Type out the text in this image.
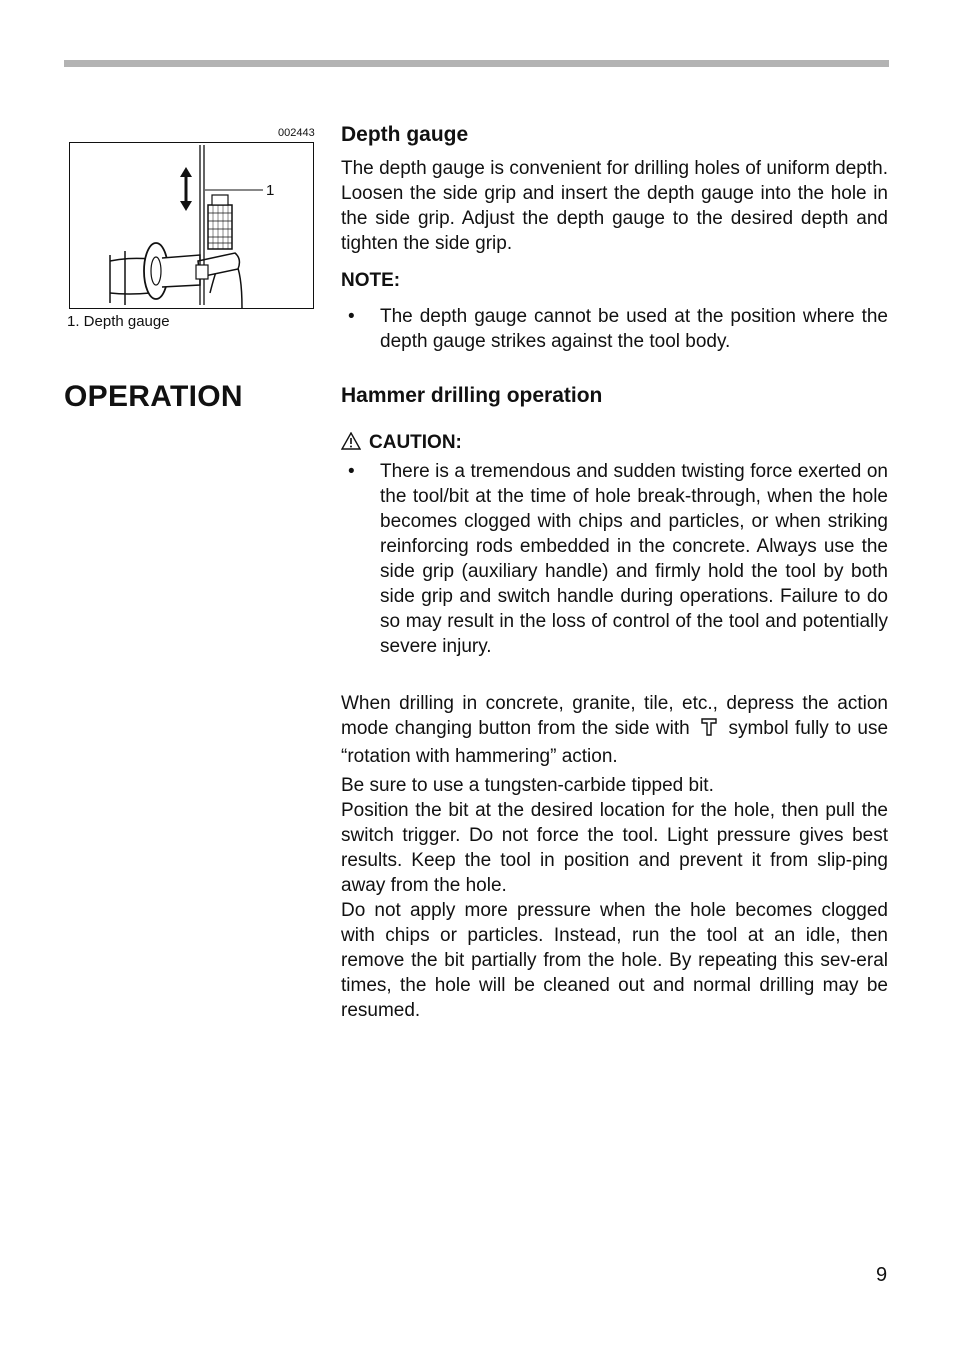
002443
1
1. Depth gauge
OPERATION
Depth gauge
The depth gauge is convenient for drilling holes of uniform depth. Loosen the side grip and insert the depth gauge into the hole in the side grip. Adjust the depth gauge to the desired depth and tighten the side grip.
NOTE:
• The depth gauge cannot be used at the position where the depth gauge strikes against the tool body.
Hammer drilling operation
CAUTION:
• There is a tremendous and sudden twisting force exerted on the tool/bit at the time of hole break-through, when the hole becomes clogged with chips and particles, or when striking reinforcing rods embedded in the concrete. Always use the side grip (auxiliary handle) and firmly hold the tool by both side grip and switch handle during operations. Failure to do so may result in the loss of control of the tool and potentially severe injury.
When drilling in concrete, granite, tile, etc., depress the action mode changing button from the side with symbol fully to use “rotation with hammering” action.
Be sure to use a tungsten-carbide tipped bit.
Position the bit at the desired location for the hole, then pull the switch trigger. Do not force the tool. Light pressure gives best results. Keep the tool in position and prevent it from slip-ping away from the hole.
Do not apply more pressure when the hole becomes clogged with chips or particles. Instead, run the tool at an idle, then remove the bit partially from the hole. By repeating this sev-eral times, the hole will be cleaned out and normal drilling may be resumed.
9
